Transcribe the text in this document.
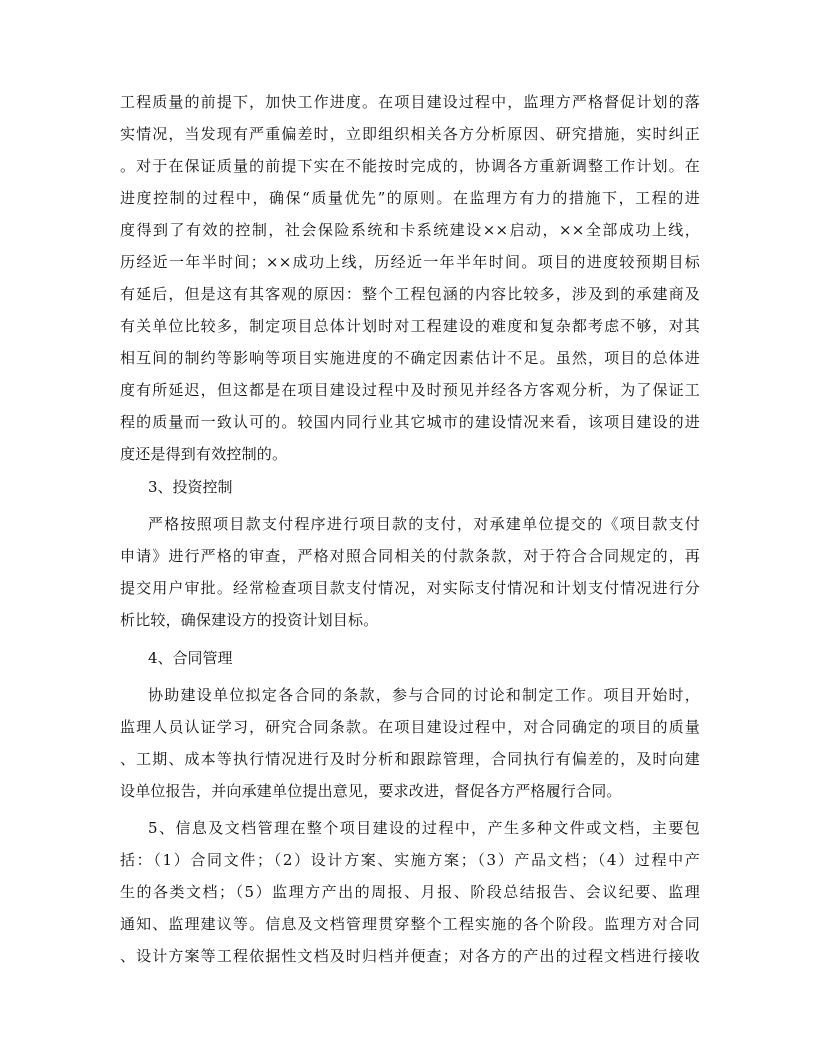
工程质量的前提下，加快工作进度。在项目建设过程中，监理方严格督促计划的落
实情况，当发现有严重偏差时，立即组织相关各方分析原因、研究措施，实时纠正
。对于在保证质量的前提下实在不能按时完成的，协调各方重新调整工作计划。在
进度控制的过程中，确保“质量优先”的原则。在监理方有力的措施下，工程的进
度得到了有效的控制，社会保险系统和卡系统建设××启动，××全部成功上线，
历经近一年半时间；××成功上线，历经近一年半年时间。项目的进度较预期目标
有延后，但是这有其客观的原因：整个工程包涵的内容比较多，涉及到的承建商及
有关单位比较多，制定项目总体计划时对工程建设的难度和复杂都考虑不够，对其
相互间的制约等影响等项目实施进度的不确定因素估计不足。虽然，项目的总体进
度有所延迟，但这都是在项目建设过程中及时预见并经各方客观分析，为了保证工
程的质量而一致认可的。较国内同行业其它城市的建设情况来看，该项目建设的进
度还是得到有效控制的。
3、投资控制
严格按照项目款支付程序进行项目款的支付，对承建单位提交的《项目款支付
申请》进行严格的审查，严格对照合同相关的付款条款，对于符合合同规定的，再
提交用户审批。经常检查项目款支付情况，对实际支付情况和计划支付情况进行分
析比较，确保建设方的投资计划目标。
4、合同管理
协助建设单位拟定各合同的条款，参与合同的讨论和制定工作。项目开始时，
监理人员认证学习，研究合同条款。在项目建设过程中，对合同确定的项目的质量
、工期、成本等执行情况进行及时分析和跟踪管理，合同执行有偏差的，及时向建
设单位报告，并向承建单位提出意见，要求改进，督促各方严格履行合同。
5、信息及文档管理在整个项目建设的过程中，产生多种文件或文档，主要包
括：（1）合同文件；（2）设计方案、实施方案；（3）产品文档；（4）过程中产
生的各类文档；（5）监理方产出的周报、月报、阶段总结报告、会议纪要、监理
通知、监理建议等。信息及文档管理贯穿整个工程实施的各个阶段。监理方对合同
、设计方案等工程依据性文档及时归档并便查；对各方的产出的过程文档进行接收
